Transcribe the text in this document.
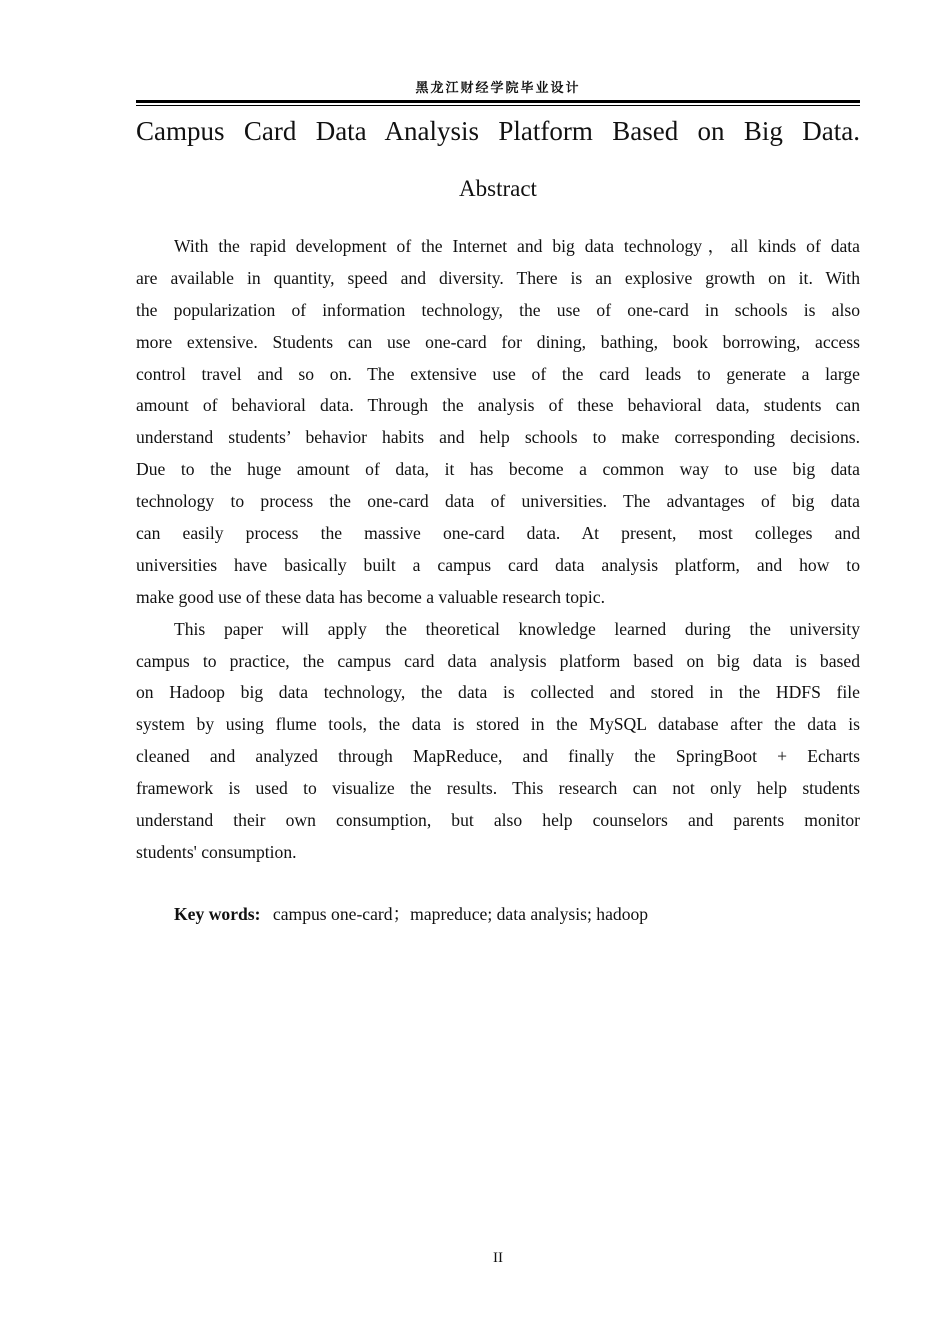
黑龙江财经学院毕业设计
Campus Card Data Analysis Platform Based on Big Data.
Abstract
With the rapid development of the Internet and big data technology，all kinds of data
are available in quantity, speed and diversity. There is an explosive growth on it. With
the popularization of information technology, the use of one-card in schools is also
more extensive. Students can use one-card for dining, bathing, book borrowing, access
control travel and so on. The extensive use of the card leads to generate a large
amount of behavioral data. Through the analysis of these behavioral data, students can
understand students’ behavior habits and help schools to make corresponding decisions.
Due to the huge amount of data, it has become a common way to use big data
technology to process the one-card data of universities. The advantages of big data
can easily process the massive one-card data. At present, most colleges and
universities have basically built a campus card data analysis platform, and how to
make good use of these data has become a valuable research topic.
This paper will apply the theoretical knowledge learned during the university
campus to practice, the campus card data analysis platform based on big data is based
on Hadoop big data technology, the data is collected and stored in the HDFS file
system by using flume tools, the data is stored in the MySQL database after the data is
cleaned and analyzed through MapReduce, and finally the SpringBoot + Echarts
framework is used to visualize the results. This research can not only help students
understand their own consumption, but also help counselors and parents monitor
students' consumption.
Key words: campus one-card；mapreduce; data analysis; hadoop
II
